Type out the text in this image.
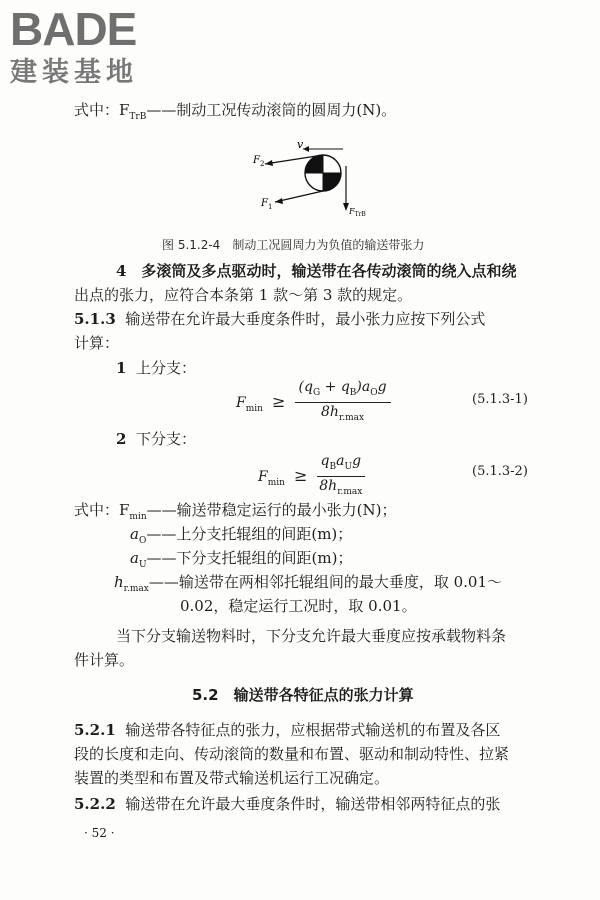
BADE
建装基地
式中：$F_{TrB}——$制动工况传动滚筒的圆周力(N)。
v
$F_2$
$F_1$	$F_{TrB}$
图 5.1.2-4　制动工况圆周力为负值的输送带张力
4　多滚筒及多点驱动时，输送带在各传动滚筒的绕入点和绕
出点的张力，应符合本条第 1 款～第 3 款的规定。
5.1.3 输送带在允许最大垂度条件时，最小张力应按下列公式
计算：
1 上分支：
$F_{min} \ge \frac{(q_G + q_B)a_Og}{8h_{r.max}}$	(5.1.3-1)
2 下分支：
$F_{min} \ge \frac{q_Ba_Ug}{8h_{r.max}}$	(5.1.3-2)
式中：$F_{min}——$输送带稳定运行的最小张力(N)；
$a_O——$上分支托辊组的间距(m)；
$a_U——$下分支托辊组的间距(m)；
$h_{r.max}——$输送带在两相邻托辊组间的最大垂度，取 0.01～
0.02，稳定运行工况时，取 0.01。
当下分支输送物料时，下分支允许最大垂度应按承载物料条
件计算。
5.2　输送带各特征点的张力计算
5.2.1 输送带各特征点的张力，应根据带式输送机的布置及各区
段的长度和走向、传动滚筒的数量和布置、驱动和制动特性、拉紧
装置的类型和布置及带式输送机运行工况确定。
5.2.2 输送带在允许最大垂度条件时，输送带相邻两特征点的张
· 52 ·
